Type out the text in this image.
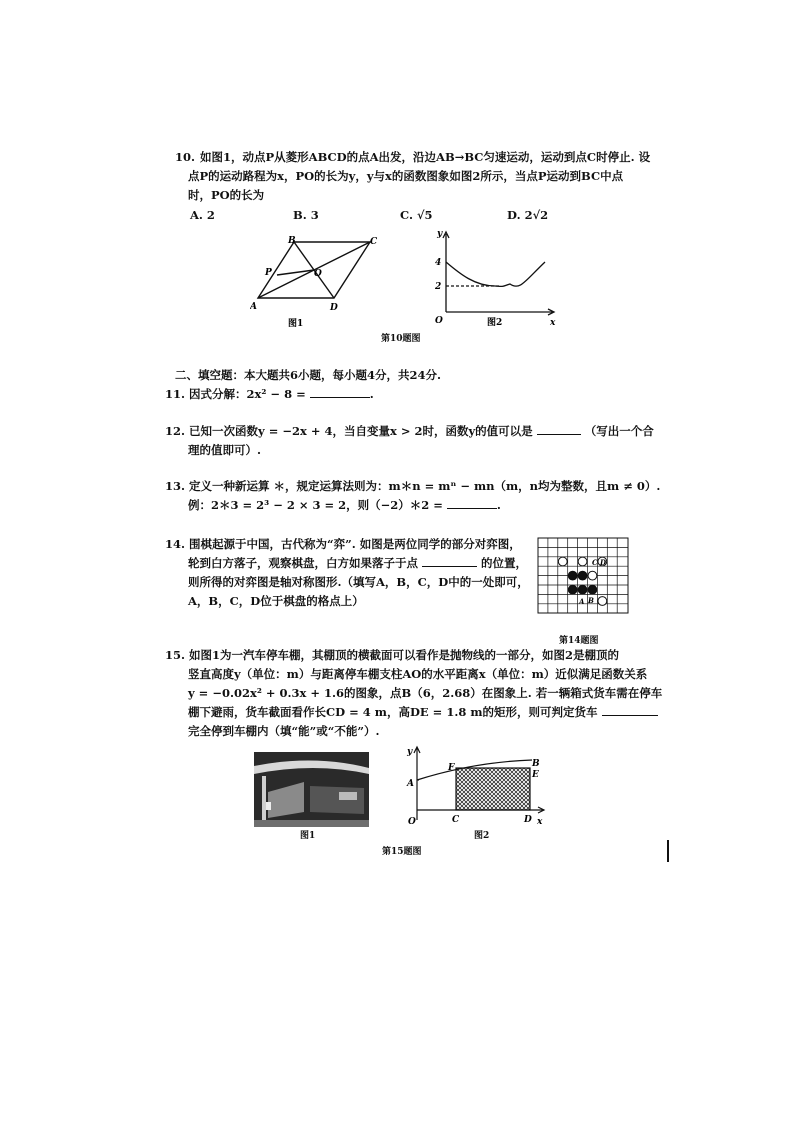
10. 如图1，动点P从菱形ABCD的点A出发，沿边AB→BC匀速运动，运动到点C时停止. 设
点P的运动路程为x，PO的长为y，y与x的函数图象如图2所示，当点P运动到BC中点
时，PO的长为
A. 2	B. 3	C. √5	D. 2√2
A
B	C
D
O
P
图1
y
x
O
4
2
图2
第10题图
二、填空题：本大题共6小题，每小题4分，共24分.
11. 因式分解：2x² − 8 =	.
12. 已知一次函数y = −2x + 4，当自变量x > 2时，函数y的值可以是	（写出一个合
理的值即可）.
13. 定义一种新运算 ＊，规定运算法则为：m＊n = mⁿ − mn（m，n均为整数，且m ≠ 0）.
例：2＊3 = 2³ − 2 × 3 = 2，则（−2）＊2 =	.
14. 围棋起源于中国，古代称为“弈”. 如图是两位同学的部分对弈图，
轮到白方落子，观察棋盘，白方如果落子于点	的位置，
则所得的对弈图是轴对称图形.（填写A，B，C，D中的一处即可，
A，B，C，D位于棋盘的格点上）
C D
A B
第14题图
15. 如图1为一汽车停车棚，其棚顶的横截面可以看作是抛物线的一部分，如图2是棚顶的
竖直高度y（单位：m）与距离停车棚支柱AO的水平距离x（单位：m）近似满足函数关系
y = −0.02x² + 0.3x + 1.6的图象，点B（6，2.68）在图象上. 若一辆箱式货车需在停车
棚下避雨，货车截面看作长CD = 4 m，高DE = 1.8 m的矩形，则可判定货车
完全停到车棚内（填“能”或“不能”）.
图1
y
x
O
A
B
C	D
E
F
图2
第15题图
